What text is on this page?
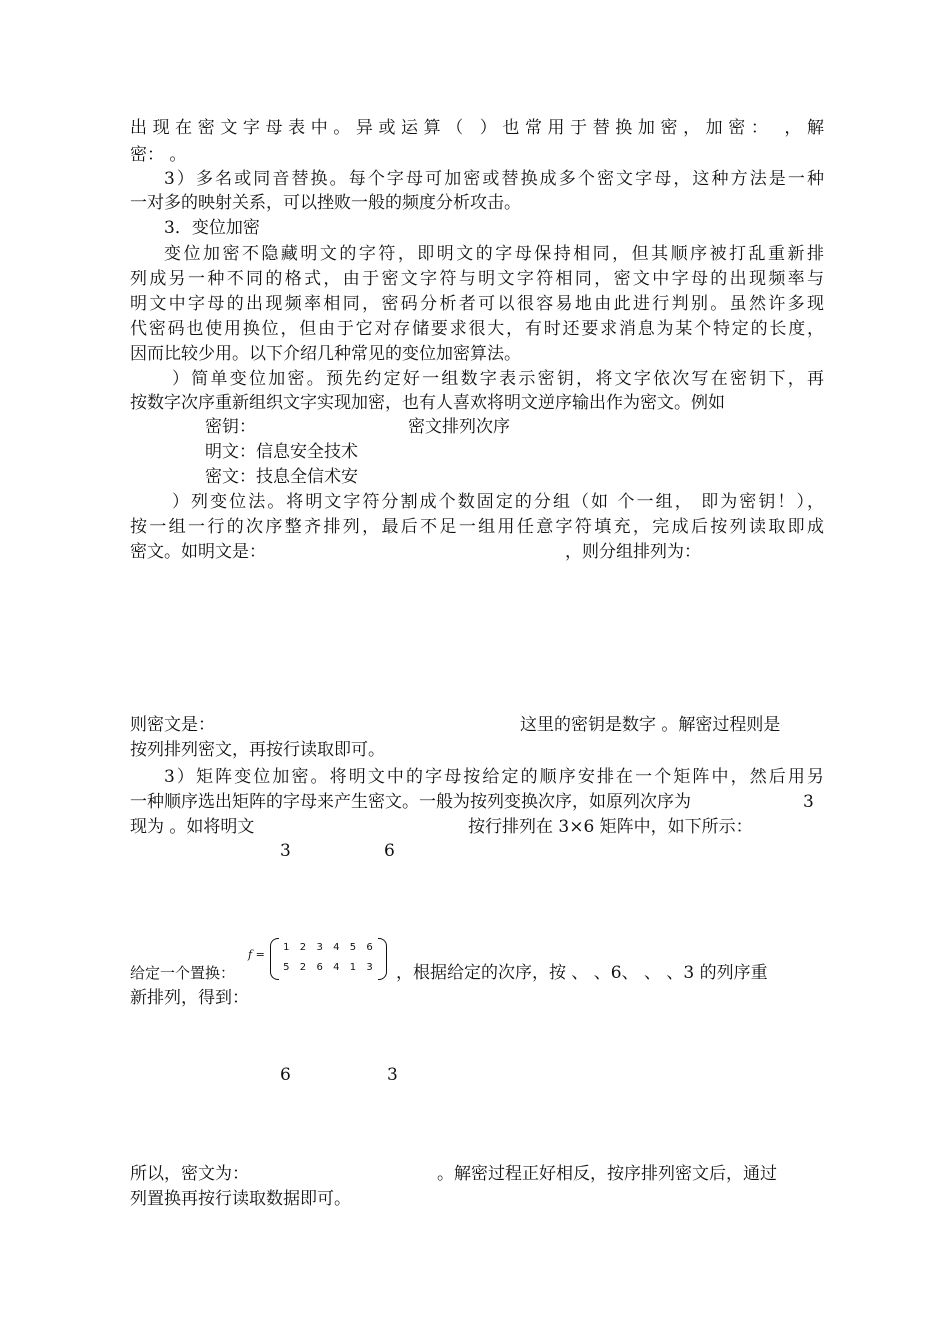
出现在密文字母表中。异或运算（ ）也常用于替换加密，加密： ，解
密： 。
3）多名或同音替换。每个字母可加密或替换成多个密文字母，这种方法是一种
一对多的映射关系，可以挫败一般的频度分析攻击。
3．变位加密
变位加密不隐藏明文的字符，即明文的字母保持相同，但其顺序被打乱重新排
列成另一种不同的格式，由于密文字符与明文字符相同，密文中字母的出现频率与
明文中字母的出现频率相同，密码分析者可以很容易地由此进行判别。虽然许多现
代密码也使用换位，但由于它对存储要求很大，有时还要求消息为某个特定的长度，
因而比较少用。以下介绍几种常见的变位加密算法。
）简单变位加密。预先约定好一组数字表示密钥，将文字依次写在密钥下，再
按数字次序重新组织文字实现加密，也有人喜欢将明文逆序输出作为密文。例如
密钥：	密文排列次序
明文：信息安全技术
密文：技息全信术安
）列变位法。将明文字符分割成个数固定的分组（如 个一组， 即为密钥！），
按一组一行的次序整齐排列，最后不足一组用任意字符填充，完成后按列读取即成
密文。如明文是：	，则分组排列为：
则密文是：	这里的密钥是数字 。解密过程则是
按列排列密文，再按行读取即可。
3）矩阵变位加密。将明文中的字母按给定的顺序安排在一个矩阵中，然后用另
一种顺序选出矩阵的字母来产生密文。一般为按列变换次序，如原列次序为	3
现为 。如将明文	按行排列在 3×6 矩阵中，如下所示：
3	6
给定一个置换：
f =
1 2 3 4 5 6
5 2 6 4 1 3 ，根据给定的次序，按 、 、6、 、 、3 的列序重
新排列，得到：
6	3
所以，密文为：	。解密过程正好相反，按序排列密文后，通过
列置换再按行读取数据即可。
